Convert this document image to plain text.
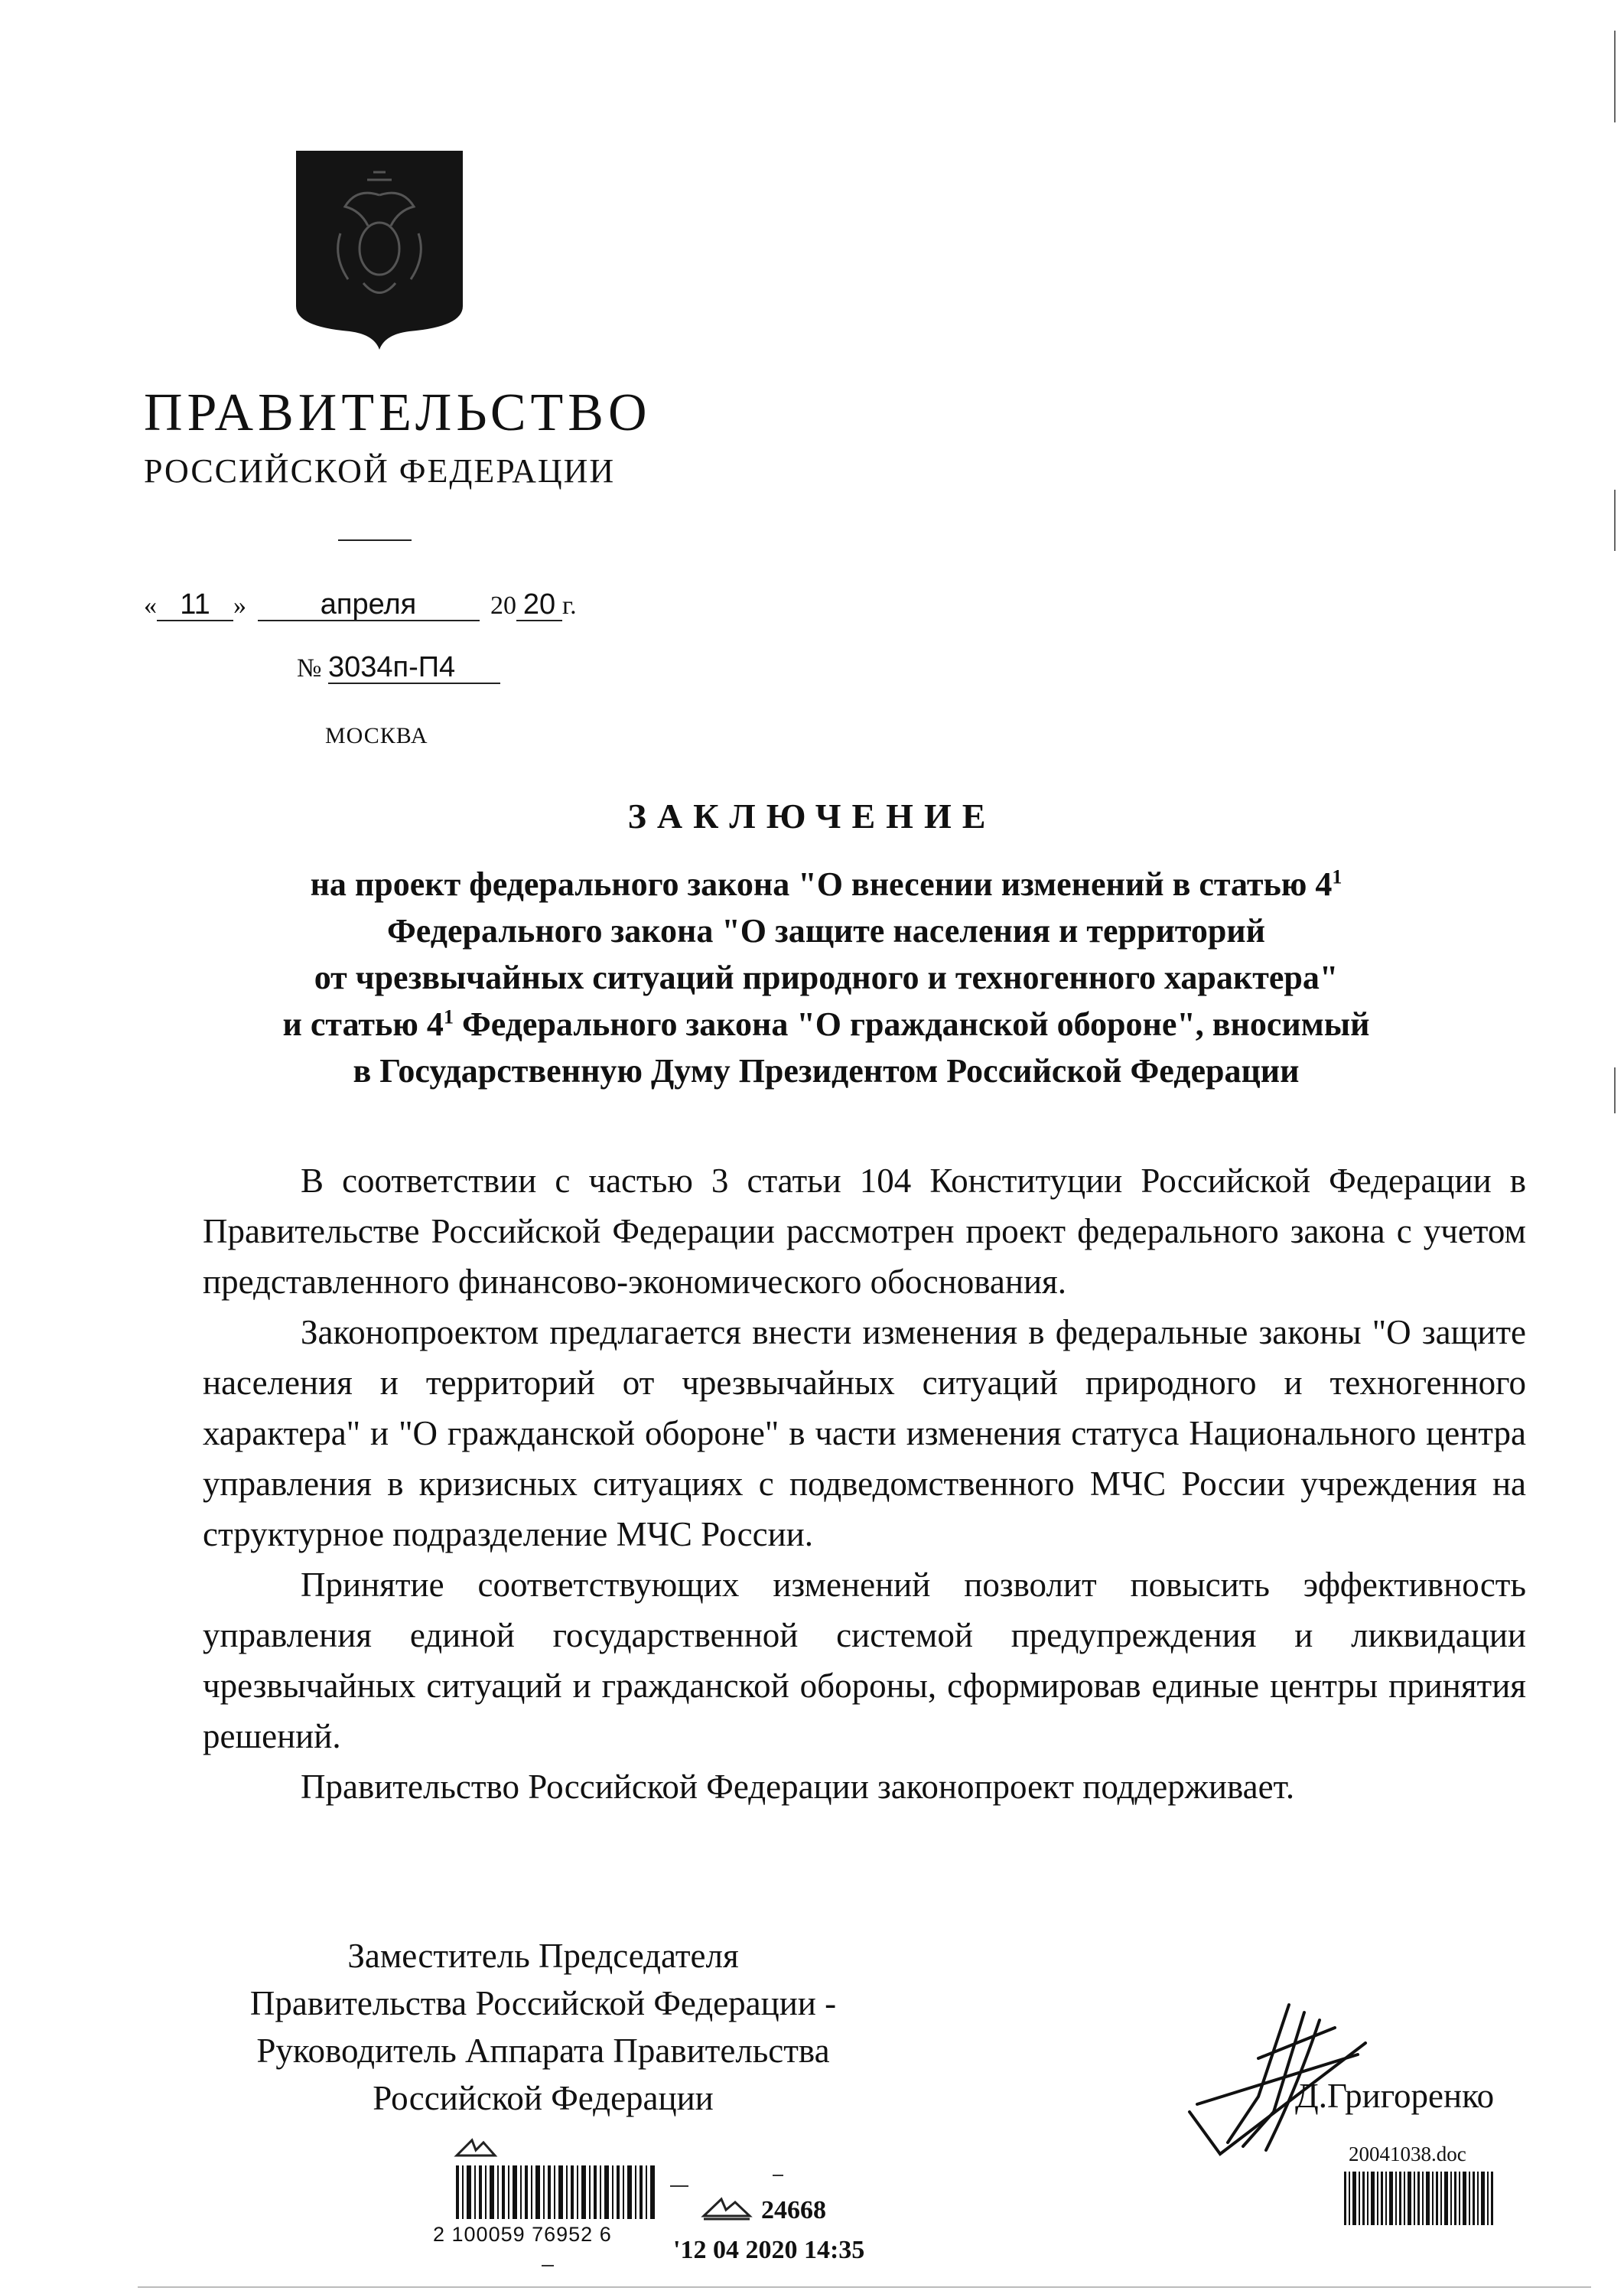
ПРАВИТЕЛЬСТВО
РОССИЙСКОЙ ФЕДЕРАЦИИ
« 11 »	апреля	20 20 г.
№ 3034п-П4
МОСКВА
ЗАКЛЮЧЕНИЕ
на проект федерального закона "О внесении изменений в статью $4^1$
Федерального закона "О защите населения и территорий
от чрезвычайных ситуаций природного и техногенного характера"
и статью $4^1$ Федерального закона "О гражданской обороне", вносимый
в Государственную Думу Президентом Российской Федерации

В соответствии с частью 3 статьи 104 Конституции Российской Федерации в Правительстве Российской Федерации рассмотрен проект федерального закона с учетом представленного финансово-экономического обоснования.

Законопроектом предлагается внести изменения в федеральные законы "О защите населения и территорий от чрезвычайных ситуаций природного и техногенного характера" и "О гражданской обороне" в части изменения статуса Национального центра управления в кризисных ситуациях с подведомственного МЧС России учреждения на структурное подразделение МЧС России.

Принятие соответствующих изменений позволит повысить эффективность управления единой государственной системой предупреждения и ликвидации чрезвычайных ситуаций и гражданской обороны, сформировав единые центры принятия решений.

Правительство Российской Федерации законопроект поддерживает.

Заместитель Председателя
Правительства Российской Федерации -
Руководитель Аппарата Правительства
Российской Федерации	Д.Григоренко
2 100059 76952 6
24668
'12 04 2020 14:35
20041038.doc
